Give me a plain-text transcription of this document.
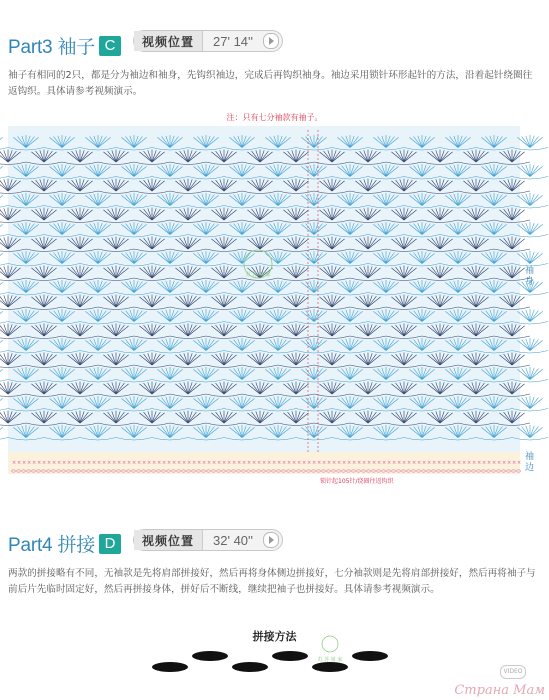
Part3 袖子 C	视频位置	27' 14''
袖子有相同的2只，都是分为袖边和袖身，先钩织袖边，完成后再钩织袖身。袖边采用锁针环形起针的方法，沿着起针绕圈往返钩织。具体请参考视频演示。
注：只有七分袖款有袖子。
× × × × × × × × × × × × × × × × × × × × × × × × × × × × × × × × × × × × × × × × × × × × × × × × × × × × × × × × × × × × × × × × × × × × × × × × × × × × × × × × × × × × × × × × × × × × × × × × × × × × × ×
苏 苏 姐 家	袖身
袖边
锁针起105针/绕圈往返钩织
Part4 拼接 D	视频位置	32' 40''
两款的拼接略有不同，无袖款是先将肩部拼接好，然后再将身体侧边拼接好，七分袖款则是先将肩部拼接好，然后再将袖子与前后片先临时固定好，然后再拼接身体，拼好后不断线，继续把袖子也拼接好。具体请参考视频演示。
拼接方法
苏 苏 姐 家
VIDEO
Страна Мам
